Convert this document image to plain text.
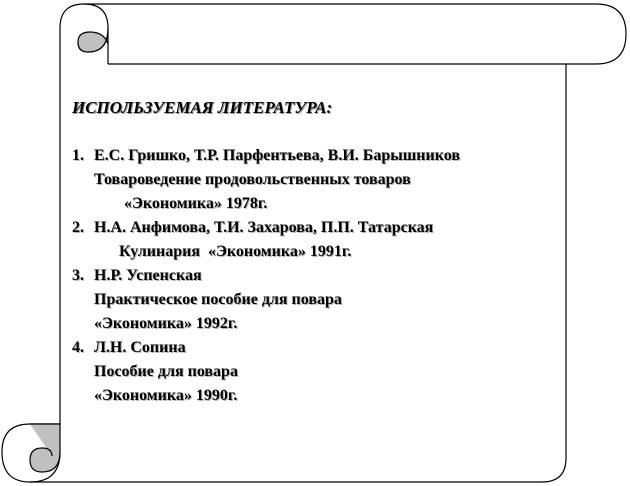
ИСПОЛЬЗУЕМАЯ ЛИТЕРАТУРА:
1. Е.С. Гришко, Т.Р. Парфентьева, В.И. Барышников
Товароведение продовольственных товаров
«Экономика» 1978г.
2. Н.А. Анфимова, Т.И. Захарова, П.П. Татарская
Кулинария  «Экономика» 1991г.
3. Н.Р. Успенская
Практическое пособие для повара
«Экономика» 1992г.
4. Л.Н. Сопина
Пособие для повара
«Экономика» 1990г.
